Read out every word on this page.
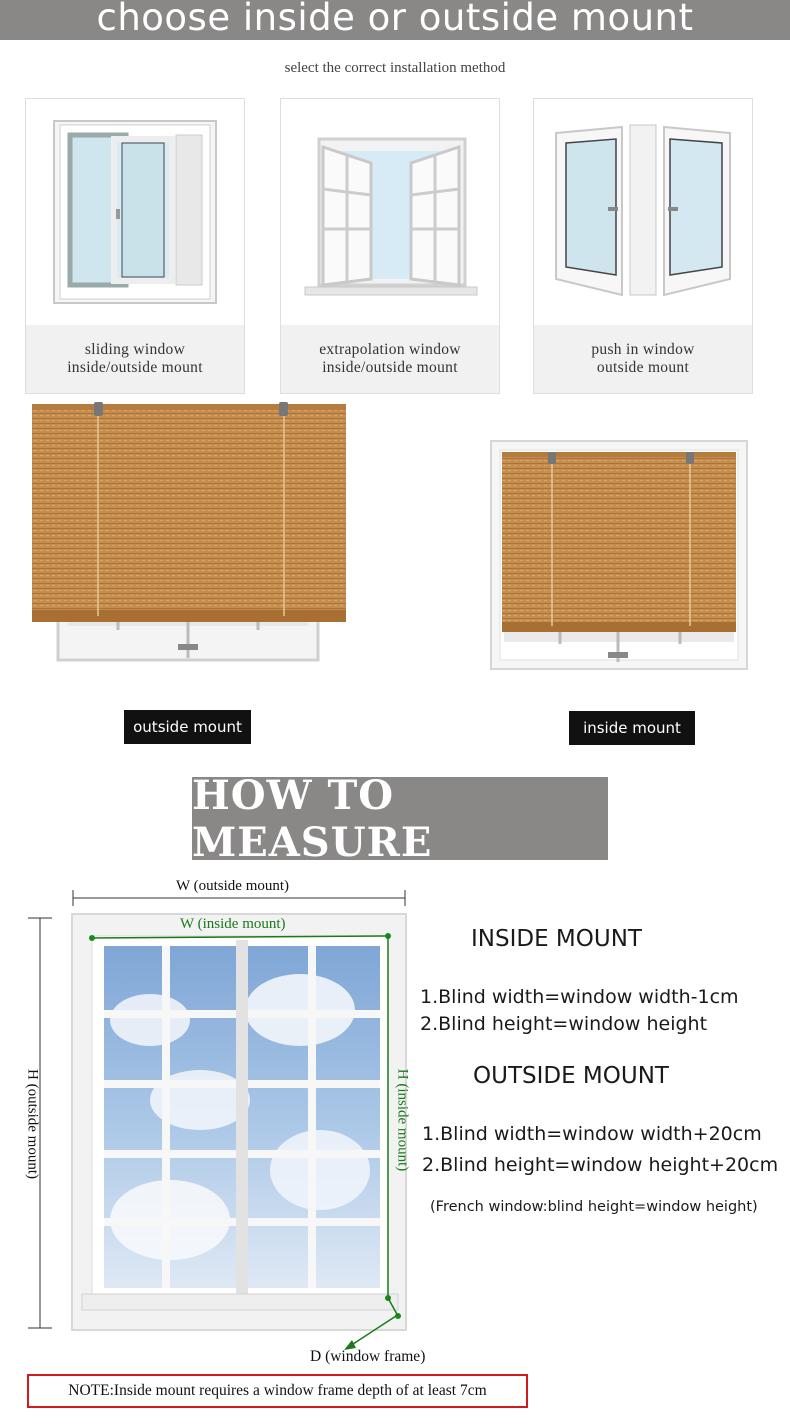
choose inside or outside mount
select the correct installation method
sliding window
inside/outside mount
extrapolation window
inside/outside mount
push in window
outside mount
outside mount	inside mount
HOW TO MEASURE
W (outside mount)
W (inside mount)
H (outside mount)	H (inside mount)
D (window frame)
INSIDE MOUNT
1.Blind width=window width-1cm
2.Blind height=window height
OUTSIDE MOUNT
1.Blind width=window width+20cm
2.Blind height=window height+20cm
(French window:blind height=window height)
NOTE:Inside mount requires a window frame depth of at least 7cm
